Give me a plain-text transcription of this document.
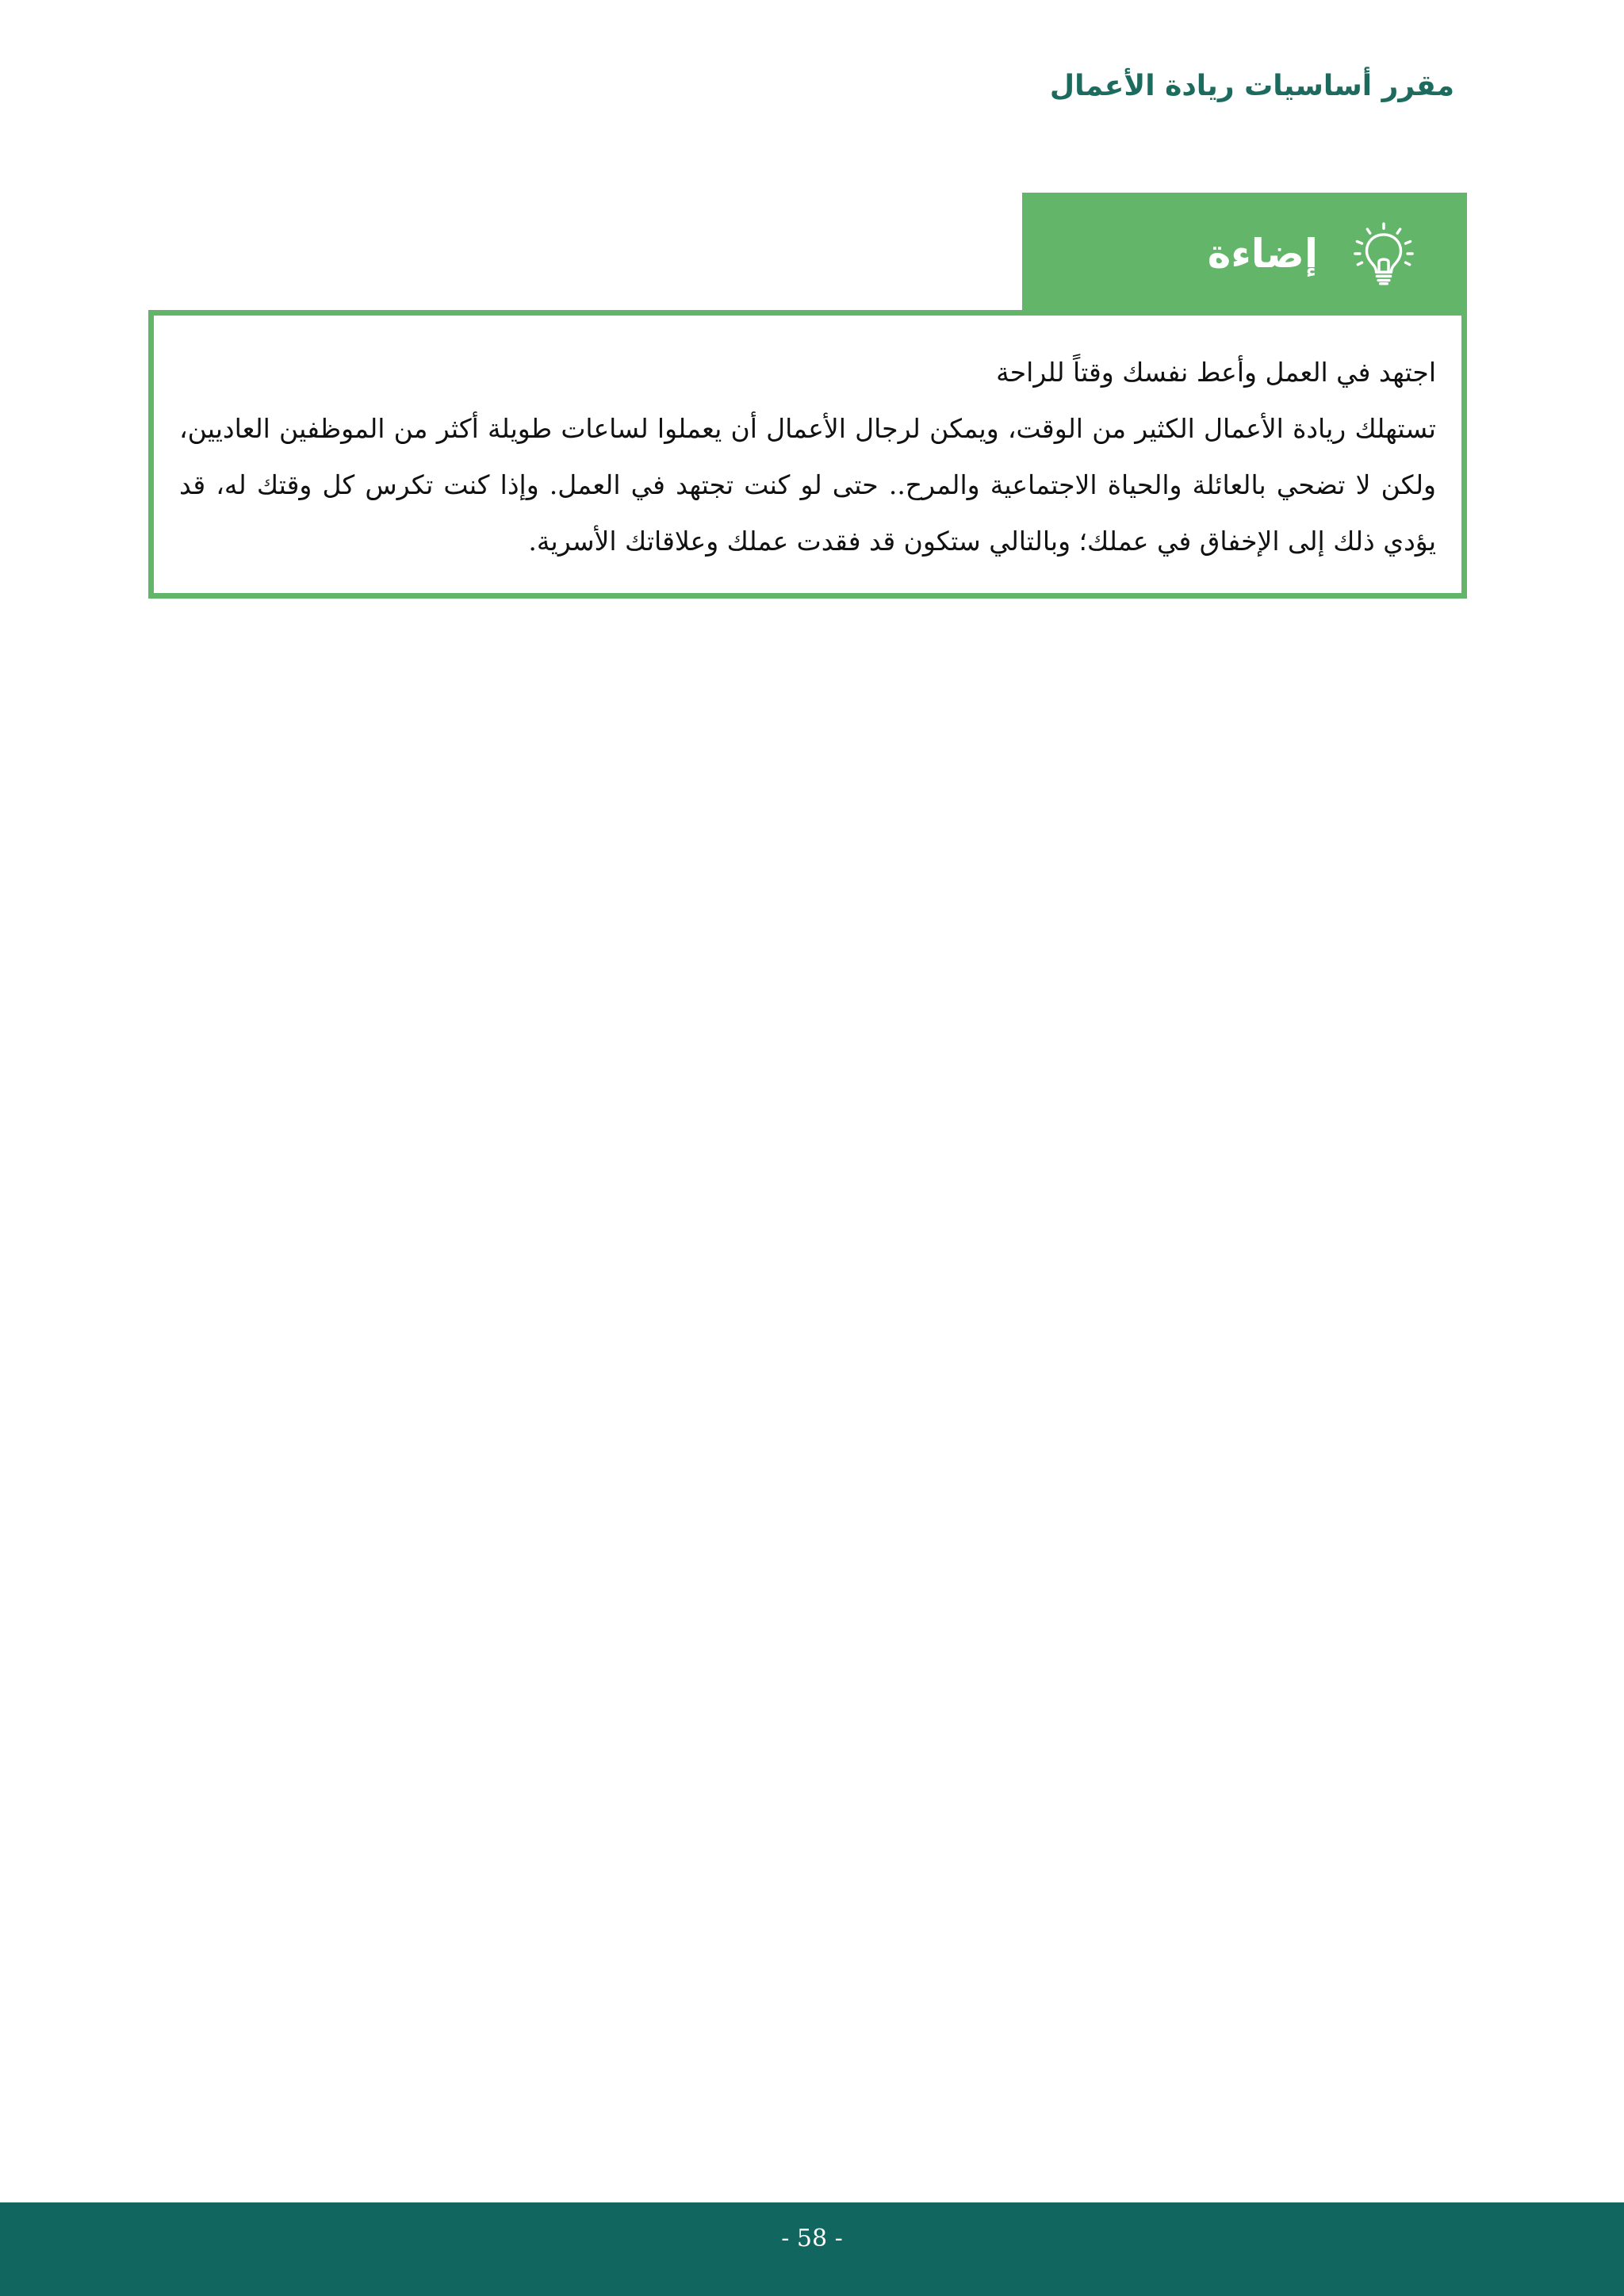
مقرر أساسيات ريادة الأعمال
إضاءة
اجتهد في العمل وأعط نفسك وقتاً للراحة
تستهلك ريادة الأعمال الكثير من الوقت، ويمكن لرجال الأعمال أن يعملوا لساعات طويلة أكثر من الموظفين العاديين،
ولكن لا تضحي بالعائلة والحياة الاجتماعية والمرح.. حتى لو كنت تجتهد في العمل. وإذا كنت تكرس كل وقتك له، قد
يؤدي ذلك إلى الإخفاق في عملك؛ وبالتالي ستكون قد فقدت عملك وعلاقاتك الأسرية.
- 58 -
